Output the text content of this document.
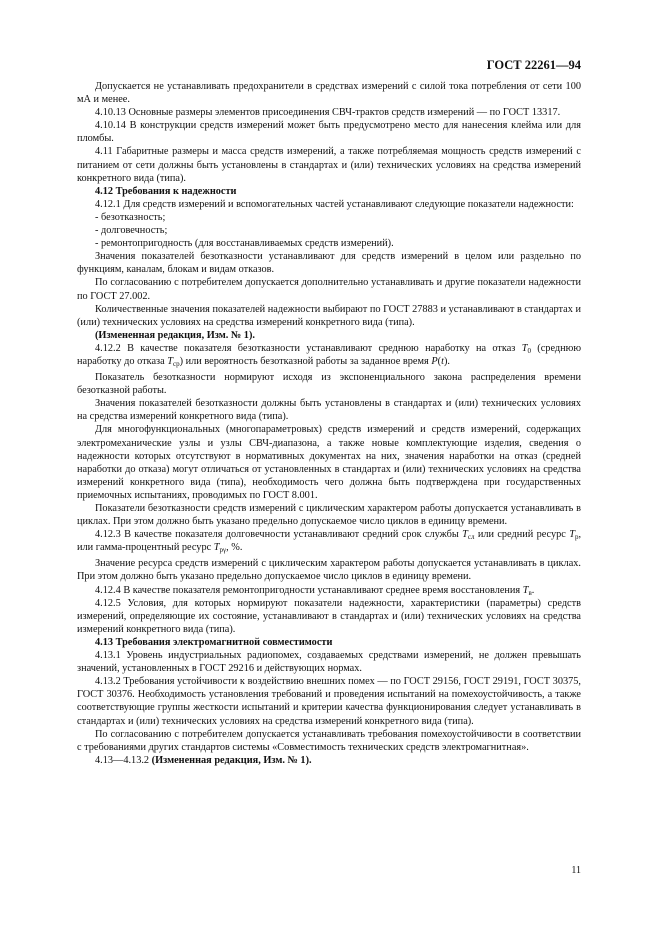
ГОСТ 22261—94

Допускается не устанавливать предохранители в средствах измерений с силой тока потребления от сети 100 мА и менее.

4.10.13 Основные размеры элементов присоединения СВЧ-трактов средств измерений — по ГОСТ 13317.

4.10.14 В конструкции средств измерений может быть предусмотрено место для нанесения клейма или для пломбы.

4.11 Габаритные размеры и масса средств измерений, а также потребляемая мощность средств измерений с питанием от сети должны быть установлены в стандартах и (или) технических условиях на средства измерений конкретного вида (типа).

4.12 Требования к надежности

4.12.1 Для средств измерений и вспомогательных частей устанавливают следующие показатели надежности:

- безотказность;

- долговечность;

- ремонтопригодность (для восстанавливаемых средств измерений).

Значения показателей безотказности устанавливают для средств измерений в целом или раздельно по функциям, каналам, блокам и видам отказов.

По согласованию с потребителем допускается дополнительно устанавливать и другие показатели надежности по ГОСТ 27.002.

Количественные значения показателей надежности выбирают по ГОСТ 27883 и устанавливают в стандартах и (или) технических условиях на средства измерений конкретного вида (типа).

(Измененная редакция, Изм. № 1).

4.12.2 В качестве показателя безотказности устанавливают среднюю наработку на отказ $T_0$ (среднюю наработку до отказа $T_{ср}$) или вероятность безотказной работы за заданное время P(t).

Показатель безотказности нормируют исходя из экспоненциального закона распределения времени безотказной работы.

Значения показателей безотказности должны быть установлены в стандартах и (или) технических условиях на средства измерений конкретного вида (типа).

Для многофункциональных (многопараметровых) средств измерений и средств измерений, содержащих электромеханические узлы и узлы СВЧ-диапазона, а также новые комплектующие изделия, сведения о надежности которых отсутствуют в нормативных документах на них, значения наработки на отказ (средней наработки до отказа) могут отличаться от установленных в стандартах и (или) технических условиях на средства измерений конкретного вида (типа), необходимость чего должна быть подтверждена при государственных приемочных испытаниях, проводимых по ГОСТ 8.001.

Показатели безотказности средств измерений с циклическим характером работы допускается устанавливать в циклах. При этом должно быть указано предельно допускаемое число циклов в единицу времени.

4.12.3 В качестве показателя долговечности устанавливают средний срок службы $T_{сл}$ или средний ресурс $T_р$, или гамма-процентный ресурс $T_{р\gamma}$, %.

Значение ресурса средств измерений с циклическим характером работы допускается устанавливать в циклах. При этом должно быть указано предельно допускаемое число циклов в единицу времени.

4.12.4 В качестве показателя ремонтопригодности устанавливают среднее время восстановления $T_в$.

4.12.5 Условия, для которых нормируют показатели надежности, характеристики (параметры) средств измерений, определяющие их состояние, устанавливают в стандартах и (или) технических условиях на средства измерений конкретного вида (типа).

4.13 Требования электромагнитной совместимости

4.13.1 Уровень индустриальных радиопомех, создаваемых средствами измерений, не должен превышать значений, установленных в ГОСТ 29216 и действующих нормах.

4.13.2 Требования устойчивости к воздействию внешних помех — по ГОСТ 29156, ГОСТ 29191, ГОСТ 30375, ГОСТ 30376. Необходимость установления требований и проведения испытаний на помехоустойчивость, а также соответствующие группы жесткости испытаний и критерии качества функционирования следует устанавливать в стандартах и (или) технических условиях на средства измерений конкретного вида (типа).

По согласованию с потребителем допускается устанавливать требования помехоустойчивости в соответствии с требованиями других стандартов системы «Совместимость технических средств электромагнитная».

4.13—4.13.2 (Измененная редакция, Изм. № 1).

11
